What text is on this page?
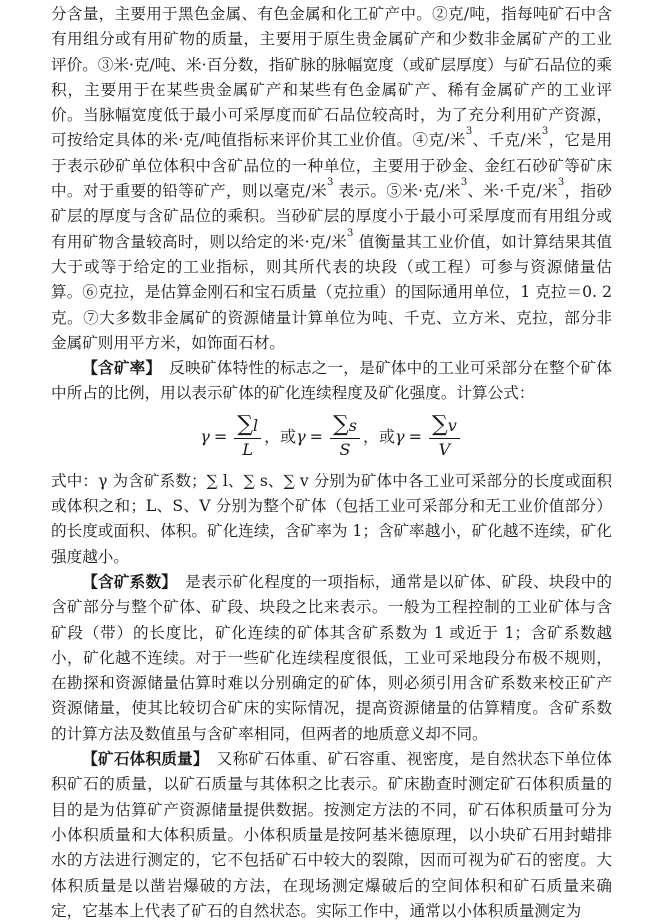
分含量，主要用于黑色金属、有色金属和化工矿产中。②克/吨，指每吨矿石中含有用组分或有用矿物的质量，主要用于原生贵金属矿产和少数非金属矿产的工业评价。③米·克/吨、米·百分数，指矿脉的脉幅宽度（或矿层厚度）与矿石品位的乘积，主要用于在某些贵金属矿产和某些有色金属矿产、稀有金属矿产的工业评价。当脉幅宽度低于最小可采厚度而矿石品位较高时，为了充分利用矿产资源，可按给定具体的米·克/吨值指标来评价其工业价值。④克/米$^3$、千克/米$^3$，它是用于表示砂矿单位体积中含矿品位的一种单位，主要用于砂金、金红石砂矿等矿床中。对于重要的铅等矿产，则以毫克/米$^3$ 表示。⑤米·克/米$^3$、米·千克/米$^3$，指砂矿层的厚度与含矿品位的乘积。当砂矿层的厚度小于最小可采厚度而有用组分或有用矿物含量较高时，则以给定的米·克/米$^3$ 值衡量其工业价值，如计算结果其值大于或等于给定的工业指标，则其所代表的块段（或工程）可参与资源储量估算。⑥克拉，是估算金刚石和宝石质量（克拉重）的国际通用单位，1 克拉＝0. 2 克。⑦大多数非金属矿的资源储量计算单位为吨、千克、立方米、克拉，部分非金属矿则用平方米，如饰面石材。

【含矿率】　反映矿体特性的标志之一，是矿体中的工业可采部分在整个矿体中所占的比例，用以表示矿体的矿化连续程度及矿化强度。计算公式：

$\gamma = \frac{\sum l}{L}$ ，或 $\gamma = \frac{\sum s}{S}$ ，或 $\gamma = \frac{\sum v}{V}$

式中：γ 为含矿系数；∑ l、∑ s、∑ v 分别为矿体中各工业可采部分的长度或面积或体积之和；L、S、V 分别为整个矿体（包括工业可采部分和无工业价值部分）的长度或面积、体积。矿化连续，含矿率为 1；含矿率越小，矿化越不连续，矿化强度越小。

【含矿系数】　是表示矿化程度的一项指标，通常是以矿体、矿段、块段中的含矿部分与整个矿体、矿段、块段之比来表示。一般为工程控制的工业矿体与含矿段（带）的长度比，矿化连续的矿体其含矿系数为 1 或近于 1；含矿系数越小，矿化越不连续。对于一些矿化连续程度很低，工业可采地段分布极不规则，在勘探和资源储量估算时难以分别确定的矿体，则必须引用含矿系数来校正矿产资源储量，使其比较切合矿床的实际情况，提高资源储量的估算精度。含矿系数的计算方法及数值虽与含矿率相同，但两者的地质意义却不同。

【矿石体积质量】　又称矿石体重、矿石容重、视密度，是自然状态下单位体积矿石的质量，以矿石质量与其体积之比表示。矿床勘查时测定矿石体积质量的目的是为估算矿产资源储量提供数据。按测定方法的不同，矿石体积质量可分为小体积质量和大体积质量。小体积质量是按阿基米德原理，以小块矿石用封蜡排水的方法进行测定的，它不包括矿石中较大的裂隙，因而可视为矿石的密度。大体积质量是以凿岩爆破的方法，在现场测定爆破后的空间体积和矿石质量来确定，它基本上代表了矿石的自然状态。实际工作中，通常以小体积质量测定为
